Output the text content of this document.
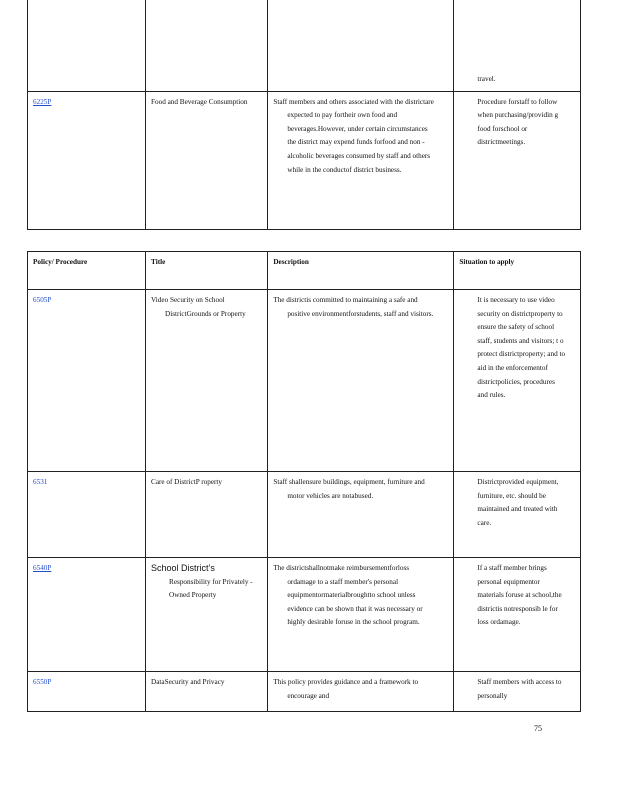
			travel.

6225P	Food and Beverage Consumption	Staff members and others associated with the districtare expected to pay fortheir own food and beverages.However, under certain circumstances the district may expend funds forfood and non -alcoholic beverages consumed by staff and others while in the conductof district business.	Procedure forstaff to follow when purchasing/providin g food forschool or districtmeetings.
Policy/ Procedure	Title	Description	Situation to apply
6505P	Video Security on School DistrictGrounds or Property	The districtis committed to maintaining a safe and positive environmentforstudents, staff and visitors.	It is necessary to use video security on districtproperty to ensure the safety of school staff, students and visitors; t o protect districtproperty; and to aid in the enforcementof districtpolicies, procedures and rules.

6531	Care of DistrictP roperty	Staff shallensure buildings, equipment, furniture and motor vehicles are notabused.	Districtprovided equipment, furniture, etc. should be maintained and treated with care.

6540P	School District’s
Responsibility for Privately -Owned Property	The districtshallnotmake reimbursementforloss ordamage to a staff member's personal equipmentormaterialbroughtto school unless evidence can be shown that it was necessary or highly desirable foruse in the school program.	If a staff member brings personal equipmentor materials foruse at school,the districtis notresponsib le for loss ordamage.

6550P	DataSecurity and Privacy	This policy provides guidance and a framework to encourage and	Staff members with access to personally
75
